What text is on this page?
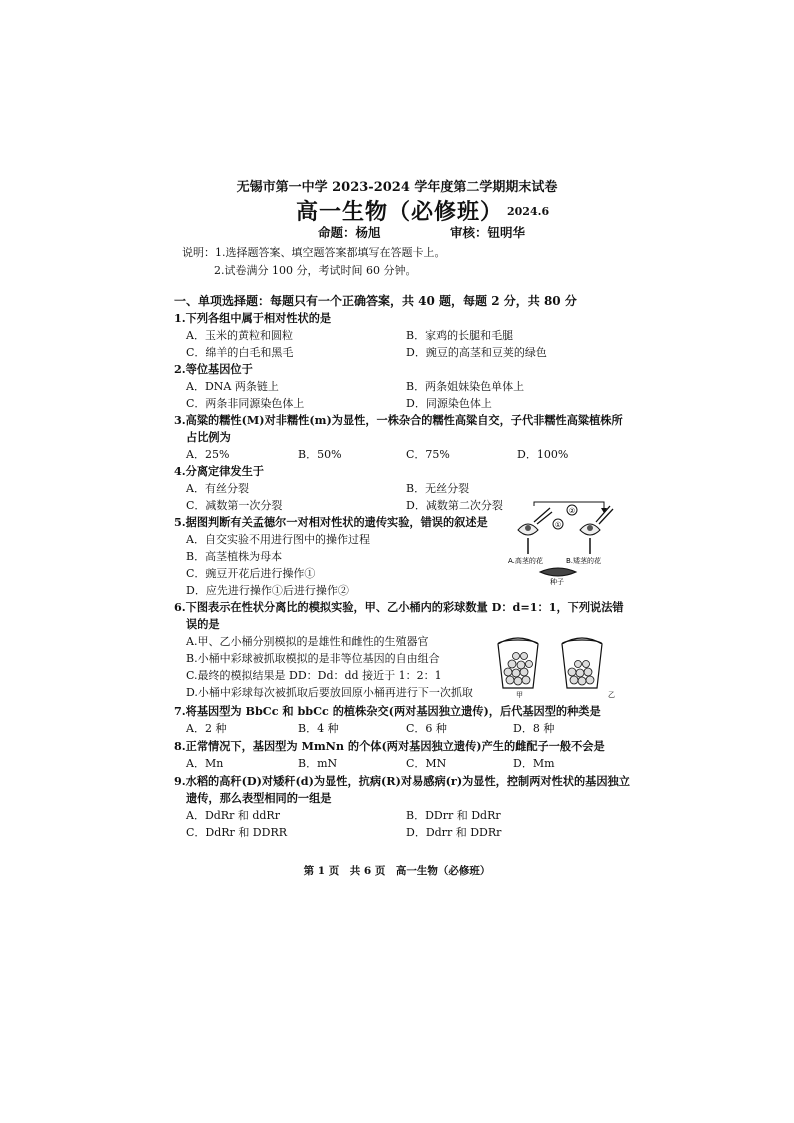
无锡市第一中学 2023-2024 学年度第二学期期末试卷
高一生物（必修班） 2024.6
命题：杨旭	审核：钮明华
说明：1.选择题答案、填空题答案都填写在答题卡上。
2.试卷满分 100 分，考试时间 60 分钟。
一、单项选择题：每题只有一个正确答案，共 40 题，每题 2 分，共 80 分
1.下列各组中属于相对性状的是
A．玉米的黄粒和圆粒	B．家鸡的长腿和毛腿
C．绵羊的白毛和黑毛	D．豌豆的高茎和豆荚的绿色
2.等位基因位于
A．DNA 两条链上	B．两条姐妹染色单体上
C．两条非同源染色体上	D．同源染色体上
3.高粱的糯性(M)对非糯性(m)为显性，一株杂合的糯性高粱自交，子代非糯性高粱植株所
占比例为
A．25%	B．50%	C．75%	D．100%
4.分离定律发生于
A．有丝分裂	B．无丝分裂
C．减数第一次分裂	D．减数第二次分裂
5.据图判断有关孟德尔一对相对性状的遗传实验，错误的叙述是
A．自交实验不用进行图中的操作过程
B．高茎植株为母本
C．豌豆开花后进行操作①
D．应先进行操作①后进行操作②
①
②
A.高茎的花	B.矮茎的花
种子
6.下图表示在性状分离比的模拟实验，甲、乙小桶内的彩球数量 D：d=1：1，下列说法错
误的是
A.甲、乙小桶分别模拟的是雄性和雌性的生殖器官
B.小桶中彩球被抓取模拟的是非等位基因的自由组合
C.最终的模拟结果是 DD：Dd：dd 接近于 1：2：1
D.小桶中彩球每次被抓取后要放回原小桶再进行下一次抓取	甲	乙
7.将基因型为 BbCc 和 bbCc 的植株杂交(两对基因独立遗传)，后代基因型的种类是
A．2 种	B．4 种	C．6 种	D．8 种
8.正常情况下，基因型为 MmNn 的个体(两对基因独立遗传)产生的雌配子一般不会是
A．Mn	B．mN	C．MN	D．Mm
9.水稻的高秆(D)对矮秆(d)为显性，抗病(R)对易感病(r)为显性，控制两对性状的基因独立
遗传，那么表型相同的一组是
A．DdRr 和 ddRr	B．DDrr 和 DdRr
C．DdRr 和 DDRR	D．Ddrr 和 DDRr
第 1 页　共 6 页　高一生物（必修班）
